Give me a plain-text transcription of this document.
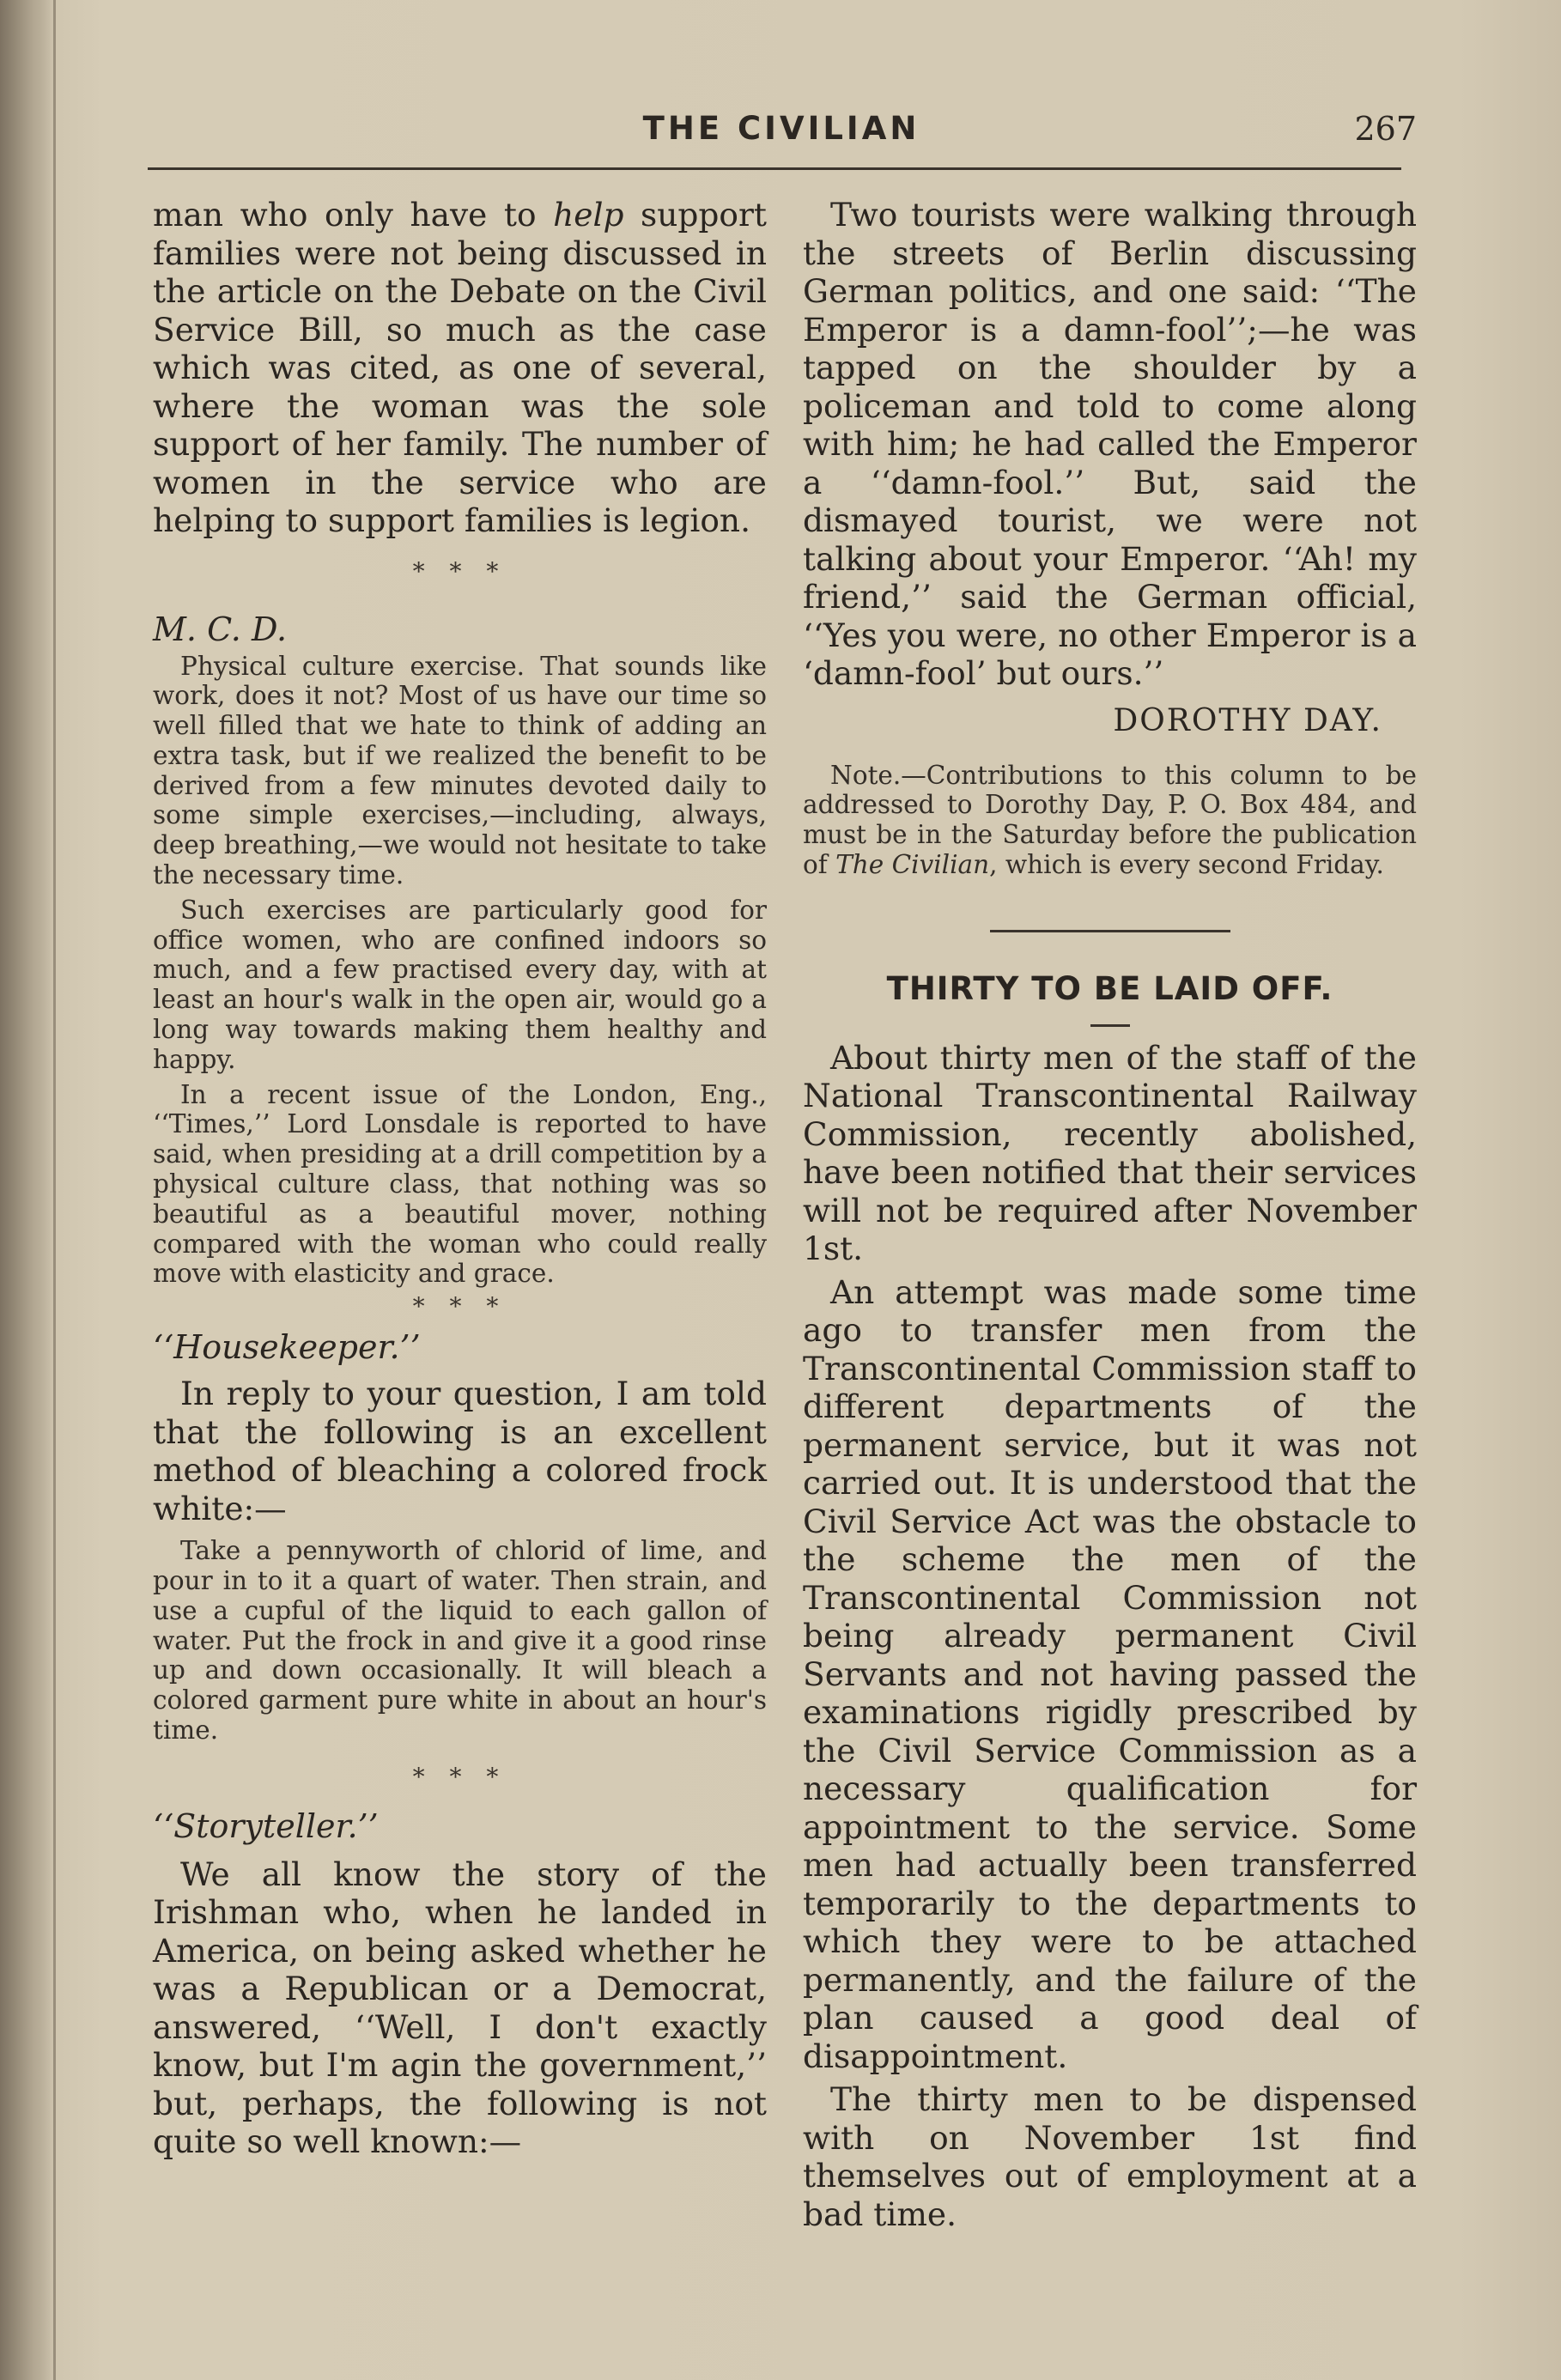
THE CIVILIAN	267

man who only have to help support families were not being discussed in the article on the Debate on the Civil Service Bill, so much as the case which was cited, as one of several, where the woman was the sole support of her family. The number of women in the service who are helping to support families is legion.

* * *

M. C. D.

Physical culture exercise. That sounds like work, does it not? Most of us have our time so well filled that we hate to think of adding an extra task, but if we realized the benefit to be derived from a few minutes devoted daily to some simple exercises,—including, always, deep breathing,—we would not hesitate to take the necessary time.

Such exercises are particularly good for office women, who are confined indoors so much, and a few practised every day, with at least an hour's walk in the open air, would go a long way towards making them healthy and happy.

In a recent issue of the London, Eng., ‘‘Times,’’ Lord Lonsdale is reported to have said, when presiding at a drill competition by a physical culture class, that nothing was so beautiful as a beautiful mover, nothing compared with the woman who could really move with elasticity and grace.

* * *

‘‘Housekeeper.’’

In reply to your question, I am told that the following is an excellent method of bleaching a colored frock white:—

Take a pennyworth of chlorid of lime, and pour in to it a quart of water. Then strain, and use a cupful of the liquid to each gallon of water. Put the frock in and give it a good rinse up and down occasionally. It will bleach a colored garment pure white in about an hour's time.

* * *

‘‘Storyteller.’’

We all know the story of the Irishman who, when he landed in America, on being asked whether he was a Republican or a Democrat, answered, ‘‘Well, I don't exactly know, but I'm agin the government,’’ but, perhaps, the following is not quite so well known:—

Two tourists were walking through the streets of Berlin discussing German politics, and one said: ‘‘The Emperor is a damn-fool’’;—he was tapped on the shoulder by a policeman and told to come along with him; he had called the Emperor a ‘‘damn-fool.’’ But, said the dismayed tourist, we were not talking about your Emperor. ‘‘Ah! my friend,’’ said the German official, ‘‘Yes you were, no other Emperor is a ‘damn-fool’ but ours.’’

DOROTHY DAY.

Note.—Contributions to this column to be addressed to Dorothy Day, P. O. Box 484, and must be in the Saturday before the publication of The Civilian, which is every second Friday.

THIRTY TO BE LAID OFF.

About thirty men of the staff of the National Transcontinental Railway Commission, recently abolished, have been notified that their services will not be required after November 1st.

An attempt was made some time ago to transfer men from the Transcontinental Commission staff to different departments of the permanent service, but it was not carried out. It is understood that the Civil Service Act was the obstacle to the scheme the men of the Transcontinental Commission not being already permanent Civil Servants and not having passed the examinations rigidly prescribed by the Civil Service Commission as a necessary qualification for appointment to the service. Some men had actually been transferred temporarily to the departments to which they were to be attached permanently, and the failure of the plan caused a good deal of disappointment.

The thirty men to be dispensed with on November 1st find themselves out of employment at a bad time.
